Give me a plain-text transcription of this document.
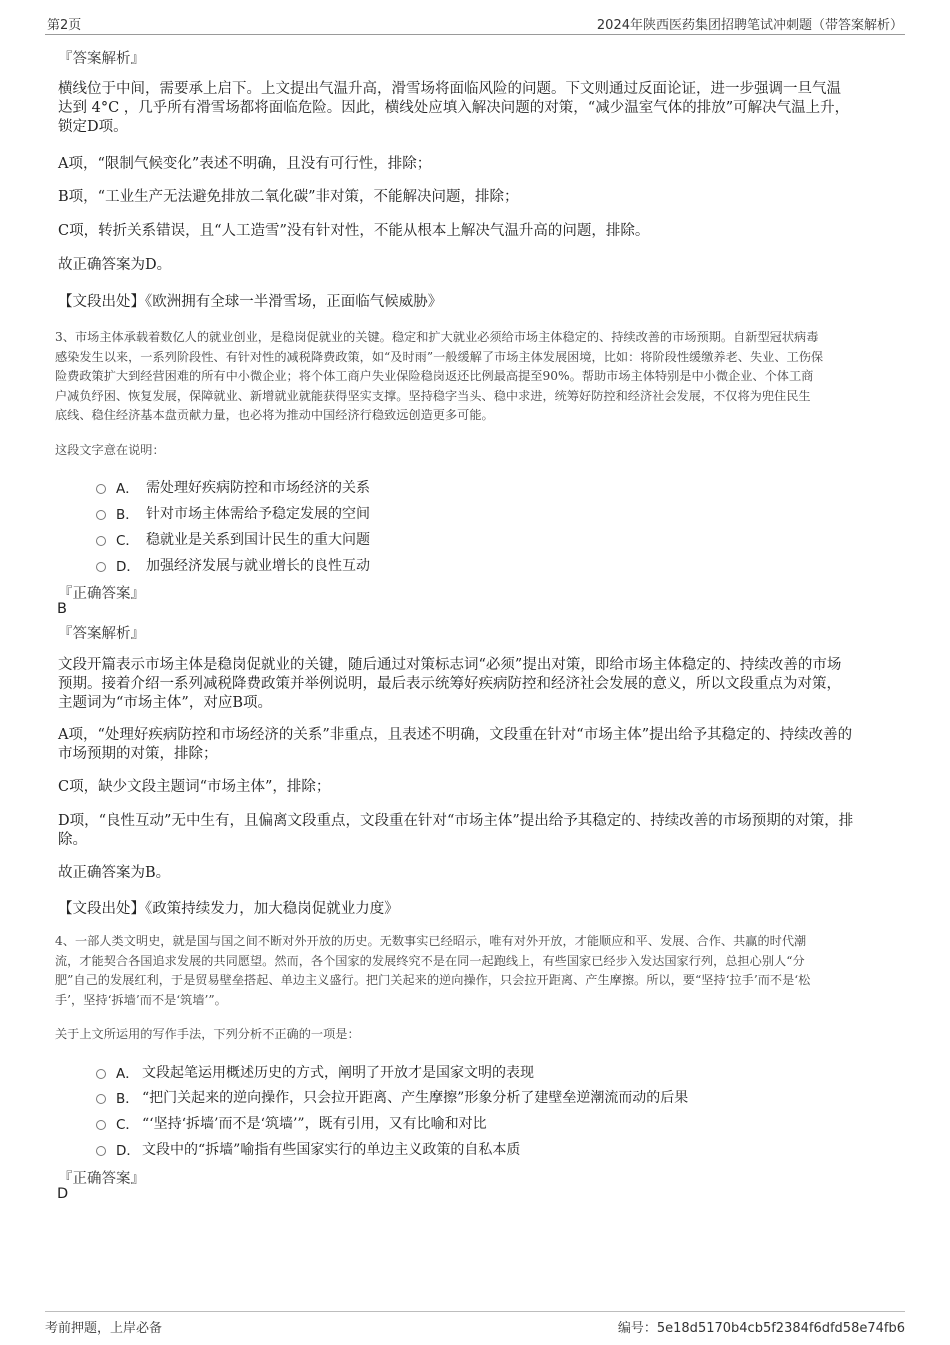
第2页	2024年陕西医药集团招聘笔试冲刺题（带答案解析）
『答案解析』
横线位于中间，需要承上启下。上文提出气温升高，滑雪场将面临风险的问题。下文则通过反面论证，进一步强调一旦气温
达到 4°C ，几乎所有滑雪场都将面临危险。因此，横线处应填入解决问题的对策，“减少温室气体的排放”可解决气温上升，
锁定D项。
A项，“限制气候变化”表述不明确，且没有可行性，排除；
B项，“工业生产无法避免排放二氧化碳”非对策，不能解决问题，排除；
C项，转折关系错误，且“人工造雪”没有针对性，不能从根本上解决气温升高的问题，排除。
故正确答案为D。
【文段出处】《欧洲拥有全球一半滑雪场，正面临气候威胁》
3、市场主体承载着数亿人的就业创业，是稳岗促就业的关键。稳定和扩大就业必须给市场主体稳定的、持续改善的市场预期。自新型冠状病毒
感染发生以来，一系列阶段性、有针对性的减税降费政策，如“及时雨”一般缓解了市场主体发展困境，比如：将阶段性缓缴养老、失业、工伤保
险费政策扩大到经营困难的所有中小微企业；将个体工商户失业保险稳岗返还比例最高提至90%。帮助市场主体特别是中小微企业、个体工商
户减负纾困、恢复发展，保障就业、新增就业就能获得坚实支撑。坚持稳字当头、稳中求进，统筹好防控和经济社会发展，不仅将为兜住民生
底线、稳住经济基本盘贡献力量，也必将为推动中国经济行稳致远创造更多可能。
这段文字意在说明：
A． 需处理好疾病防控和市场经济的关系
B． 针对市场主体需给予稳定发展的空间
C． 稳就业是关系到国计民生的重大问题
D． 加强经济发展与就业增长的良性互动
『正确答案』
B
『答案解析』
文段开篇表示市场主体是稳岗促就业的关键，随后通过对策标志词“必须”提出对策，即给市场主体稳定的、持续改善的市场
预期。接着介绍一系列减税降费政策并举例说明，最后表示统筹好疾病防控和经济社会发展的意义，所以文段重点为对策，
主题词为“市场主体”，对应B项。
A项，“处理好疾病防控和市场经济的关系”非重点，且表述不明确，文段重在针对“市场主体”提出给予其稳定的、持续改善的
市场预期的对策，排除；
C项，缺少文段主题词“市场主体”，排除；
D项，“良性互动”无中生有，且偏离文段重点，文段重在针对“市场主体”提出给予其稳定的、持续改善的市场预期的对策，排
除。
故正确答案为B。
【文段出处】《政策持续发力，加大稳岗促就业力度》
4、一部人类文明史，就是国与国之间不断对外开放的历史。无数事实已经昭示，唯有对外开放，才能顺应和平、发展、合作、共赢的时代潮
流，才能契合各国追求发展的共同愿望。然而，各个国家的发展终究不是在同一起跑线上，有些国家已经步入发达国家行列，总担心别人“分
肥”自己的发展红利，于是贸易壁垒搭起、单边主义盛行。把门关起来的逆向操作，只会拉开距离、产生摩擦。所以，要“坚持‘拉手’而不是‘松
手’，坚持‘拆墙’而不是‘筑墙’”。
关于上文所运用的写作手法，下列分析不正确的一项是：
A． 文段起笔运用概述历史的方式，阐明了开放才是国家文明的表现
B． “把门关起来的逆向操作，只会拉开距离、产生摩擦”形象分析了建壁垒逆潮流而动的后果
C． “‘坚持‘拆墙’而不是‘筑墙’”，既有引用，又有比喻和对比
D． 文段中的“拆墙”喻指有些国家实行的单边主义政策的自私本质
『正确答案』
D
考前押题，上岸必备	编号：5e18d5170b4cb5f2384f6dfd58e74fb6
